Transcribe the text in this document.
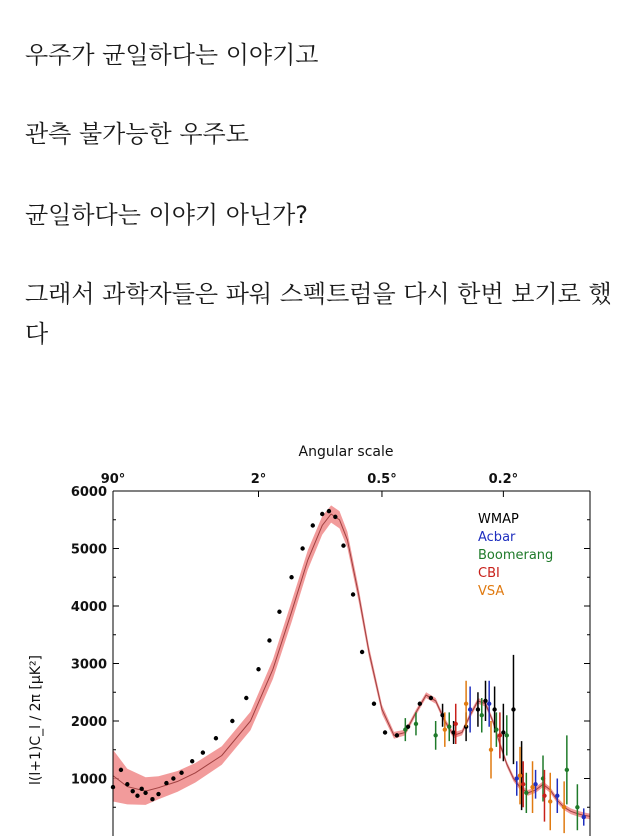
우주가 균일하다는 이야기고

관측 불가능한 우주도

균일하다는 이야기 아닌가?

그래서 과학자들은 파워 스펙트럼을 다시 한번 보기로 했다

Angular scale
90°	2°	0.5°	0.2°
l(l+1)C_l / 2π [μK²] 1000
2000
3000
4000
5000
6000
WMAP
Acbar
Boomerang
CBI
VSA
